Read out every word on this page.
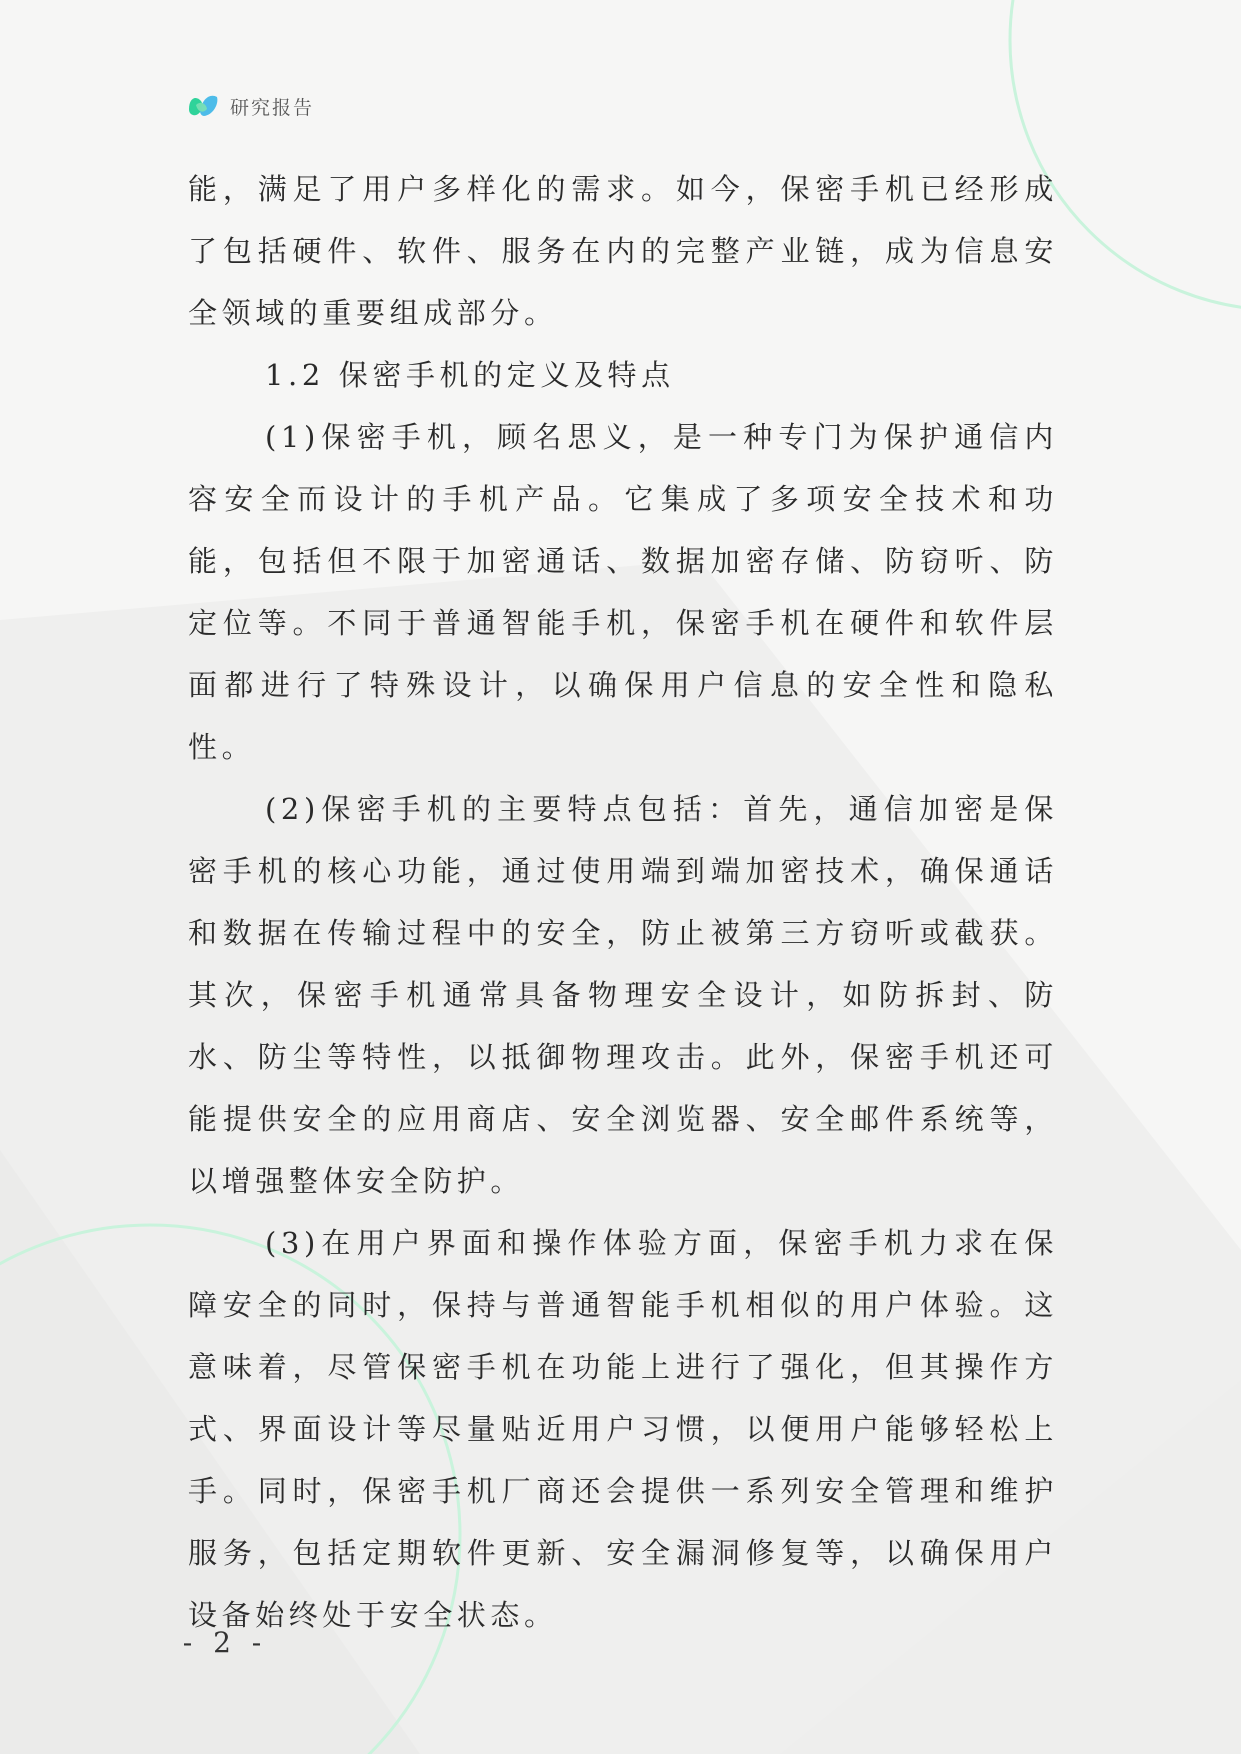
研究报告

能，满足了用户多样化的需求。如今，保密手机已经形成了包括硬件、软件、服务在内的完整产业链，成为信息安全领域的重要组成部分。

1.2 保密手机的定义及特点

(1)保密手机，顾名思义，是一种专门为保护通信内容安全而设计的手机产品。它集成了多项安全技术和功能，包括但不限于加密通话、数据加密存储、防窃听、防定位等。不同于普通智能手机，保密手机在硬件和软件层面都进行了特殊设计，以确保用户信息的安全性和隐私性。

(2)保密手机的主要特点包括：首先，通信加密是保密手机的核心功能，通过使用端到端加密技术，确保通话和数据在传输过程中的安全，防止被第三方窃听或截获。其次，保密手机通常具备物理安全设计，如防拆封、防水、防尘等特性，以抵御物理攻击。此外，保密手机还可能提供安全的应用商店、安全浏览器、安全邮件系统等，以增强整体安全防护。

(3)在用户界面和操作体验方面，保密手机力求在保障安全的同时，保持与普通智能手机相似的用户体验。这意味着，尽管保密手机在功能上进行了强化，但其操作方式、界面设计等尽量贴近用户习惯，以便用户能够轻松上手。同时，保密手机厂商还会提供一系列安全管理和维护服务，包括定期软件更新、安全漏洞修复等，以确保用户设备始终处于安全状态。

- 2 -
